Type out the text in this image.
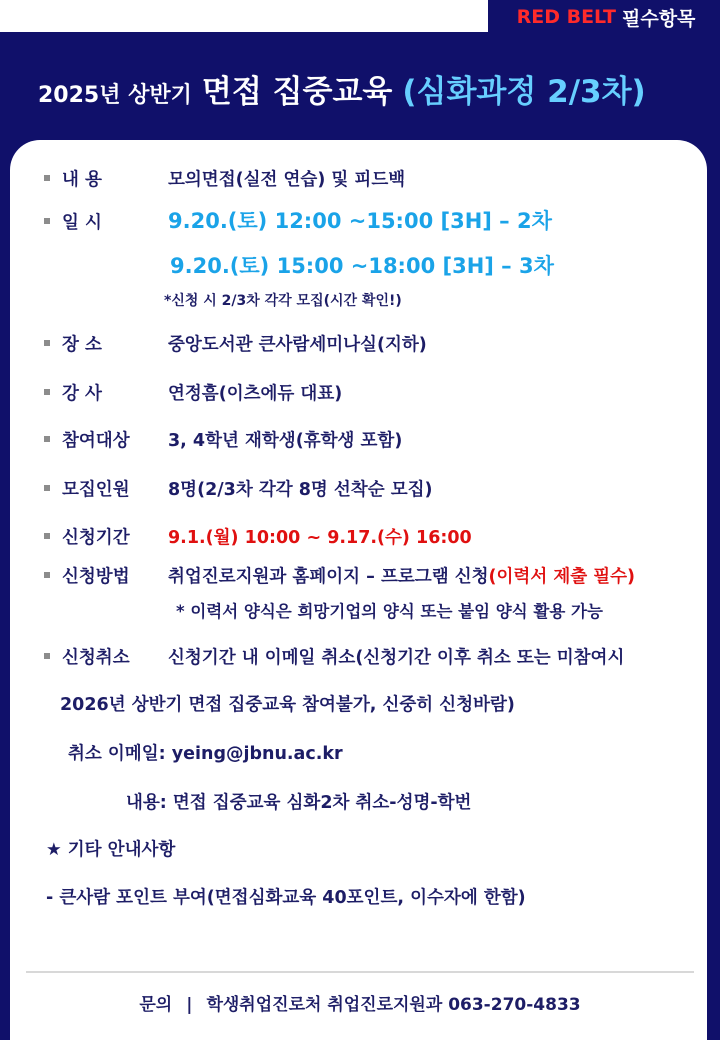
RED BELT 필수항목
2025년 상반기 면접 집중교육 (심화과정 2/3차)
내 용	모의면접(실전 연습) 및 피드백
일 시	9.20.(토) 12:00 ~15:00 [3H] – 2차
9.20.(토) 15:00 ~18:00 [3H] – 3차
*신청 시 2/3차 각각 모집(시간 확인!)
장 소	중앙도서관 큰사람세미나실(지하)
강 사	연정흠(이츠에듀 대표)
참여대상 3, 4학년 재학생(휴학생 포함)
모집인원 8명(2/3차 각각 8명 선착순 모집)
신청기간 9.1.(월) 10:00 ~ 9.17.(수) 16:00
신청방법 취업진로지원과 홈페이지 – 프로그램 신청(이력서 제출 필수)
* 이력서 양식은 희망기업의 양식 또는 붙임 양식 활용 가능
신청취소 신청기간 내 이메일 취소(신청기간 이후 취소 또는 미참여시
2026년 상반기 면접 집중교육 참여불가, 신중히 신청바람)
취소 이메일: yeing@jbnu.ac.kr
내용: 면접 집중교육 심화2차 취소-성명-학번
★ 기타 안내사항
- 큰사람 포인트 부여(면접심화교육 40포인트, 이수자에 한함)
문의 | 학생취업진로처 취업진로지원과 063-270-4833
